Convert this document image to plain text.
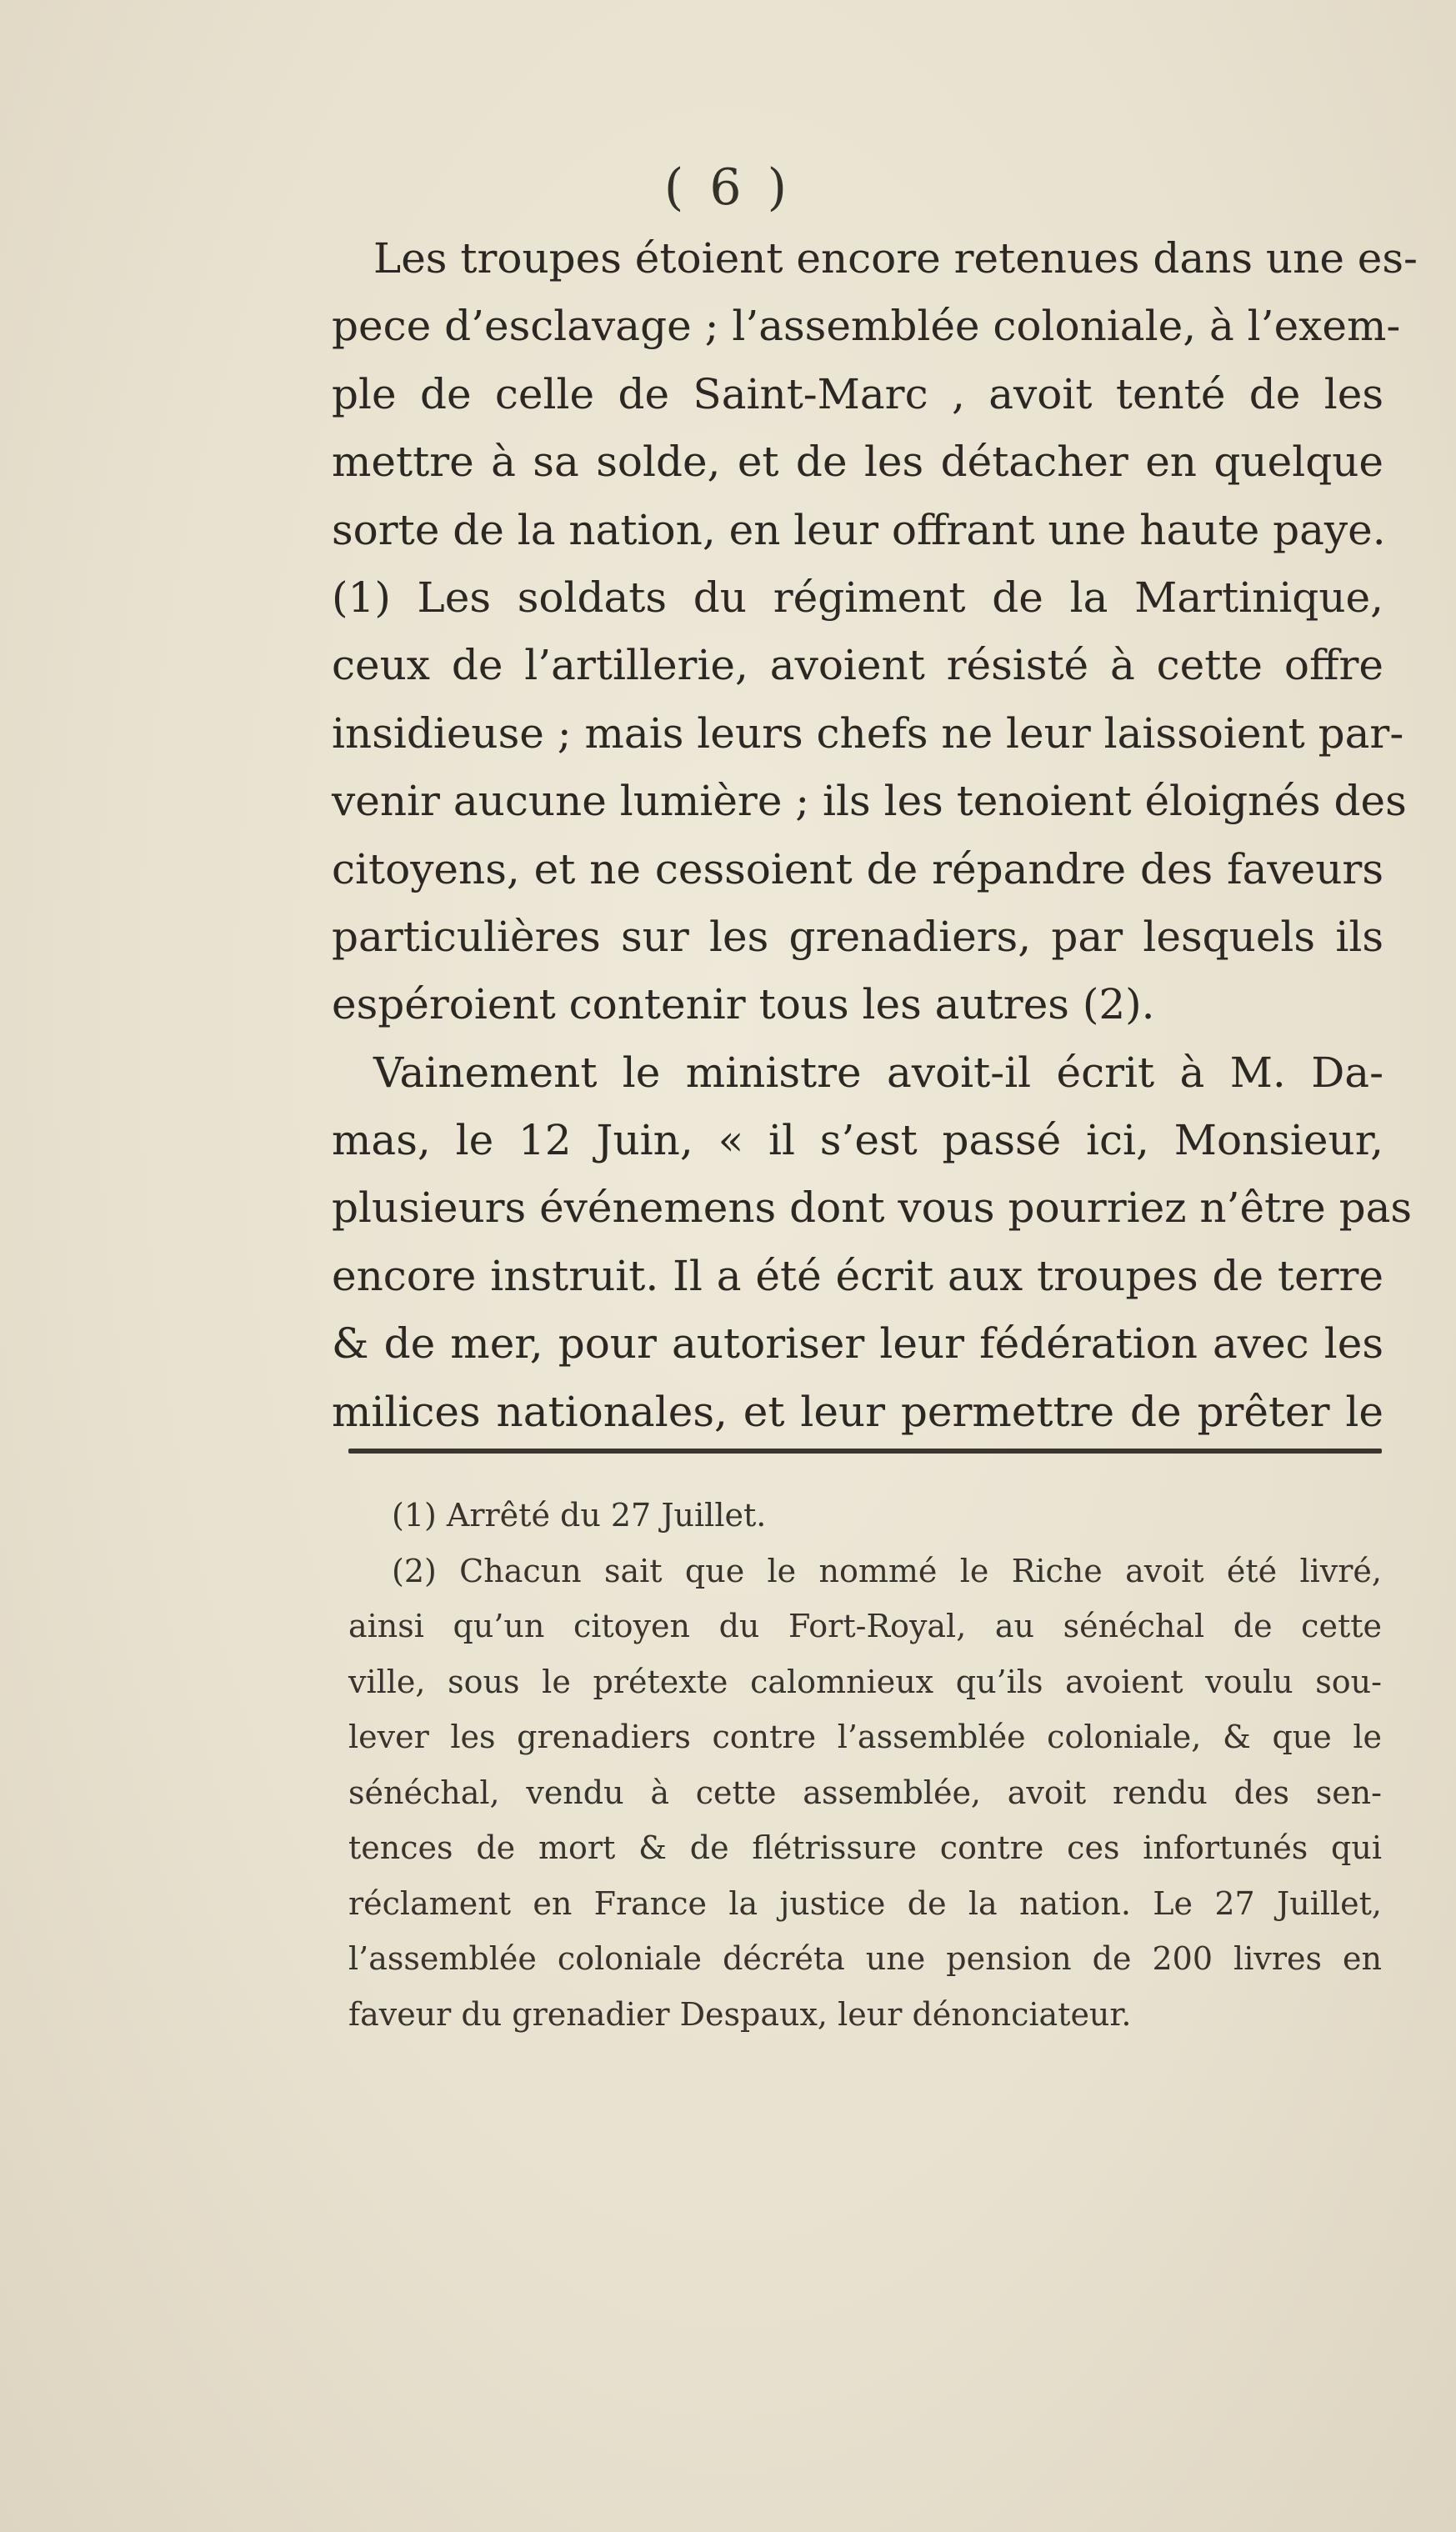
( 6 )
Les troupes étoient encore retenues dans une es-
pece d’esclavage ; l’assemblée coloniale, à l’exem-
ple de celle de Saint-Marc , avoit tenté de les
mettre à sa solde, et de les détacher en quelque
sorte de la nation, en leur offrant une haute paye.
(1) Les soldats du régiment de la Martinique,
ceux de l’artillerie, avoient résisté à cette offre
insidieuse ; mais leurs chefs ne leur laissoient par-
venir aucune lumière ; ils les tenoient éloignés des
citoyens, et ne cessoient de répandre des faveurs
particulières sur les grenadiers, par lesquels ils
espéroient contenir tous les autres (2).
Vainement le ministre avoit-il écrit à M. Da-
mas, le 12 Juin, « il s’est passé ici, Monsieur,
plusieurs événemens dont vous pourriez n’être pas
encore instruit. Il a été écrit aux troupes de terre
& de mer, pour autoriser leur fédération avec les
milices nationales, et leur permettre de prêter le
(1) Arrêté du 27 Juillet.
(2) Chacun sait que le nommé le Riche avoit été livré,
ainsi qu’un citoyen du Fort-Royal, au sénéchal de cette
ville, sous le prétexte calomnieux qu’ils avoient voulu sou-
lever les grenadiers contre l’assemblée coloniale, & que le
sénéchal, vendu à cette assemblée, avoit rendu des sen-
tences de mort & de flétrissure contre ces infortunés qui
réclament en France la justice de la nation. Le 27 Juillet,
l’assemblée coloniale décréta une pension de 200 livres en
faveur du grenadier Despaux, leur dénonciateur.
